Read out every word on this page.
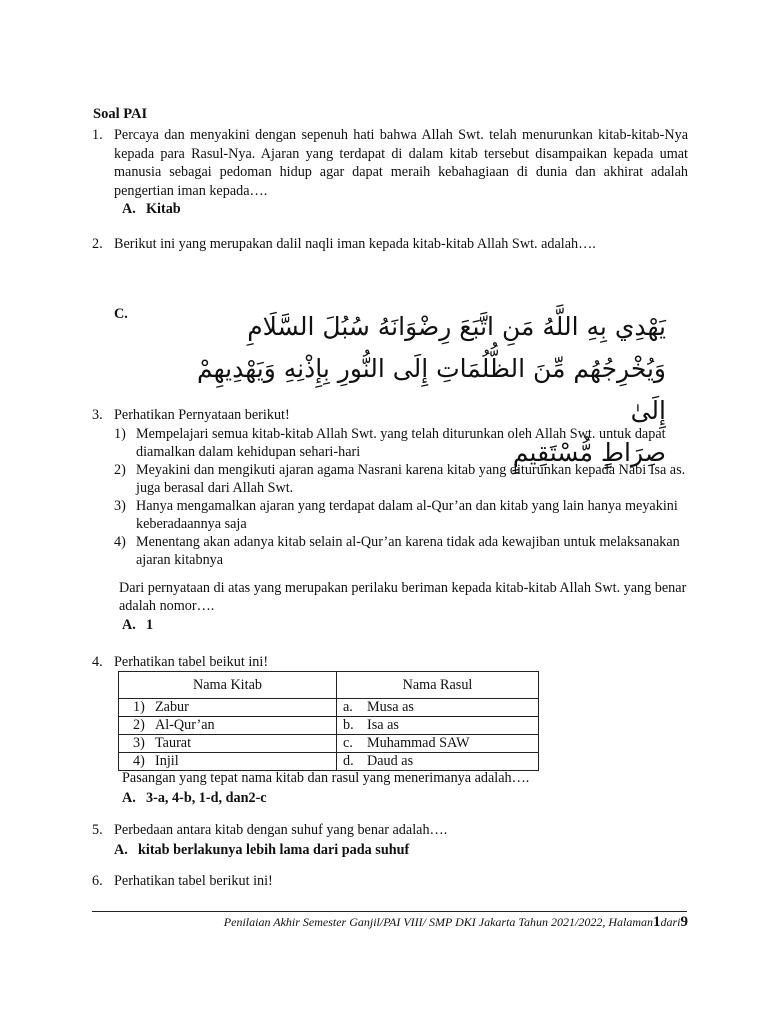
Soal PAI
1. Percaya dan menyakini dengan sepenuh hati bahwa Allah Swt. telah menurunkan kitab-kitab-Nya kepada para Rasul-Nya. Ajaran yang terdapat di dalam kitab tersebut disampaikan kepada umat manusia sebagai pedoman hidup agar dapat meraih kebahagiaan di dunia dan akhirat adalah pengertian iman kepada….
A. Kitab
2. Berikut ini yang merupakan dalil naqli iman kepada kitab-kitab Allah Swt. adalah….
C.	يَهْدِي بِهِ اللَّهُ مَنِ اتَّبَعَ رِضْوَانَهُ سُبُلَ السَّلَامِ وَيُخْرِجُهُم مِّنَ الظُّلُمَاتِ إِلَى النُّورِ بِإِذْنِهِ وَيَهْدِيهِمْ إِلَىٰ
صِرَاطٍ مُّسْتَقِيمٍ
3. Perhatikan Pernyataan berikut!
1) Mempelajari semua kitab-kitab Allah Swt. yang telah diturunkan oleh Allah Swt. untuk dapat diamalkan dalam kehidupan sehari-hari
2) Meyakini dan mengikuti ajaran agama Nasrani karena kitab yang diturunkan kepada Nabi Isa as. juga berasal dari Allah Swt.
3) Hanya mengamalkan ajaran yang terdapat dalam al-Qur’an dan kitab yang lain hanya meyakini keberadaannya saja
4) Menentang akan adanya kitab selain al-Qur’an karena tidak ada kewajiban untuk melaksanakan ajaran kitabnya
Dari pernyataan di atas yang merupakan perilaku beriman kepada kitab-kitab Allah Swt. yang benar adalah nomor….
A. 1
4. Perhatikan tabel beikut ini!
Nama Kitab	Nama Rasul
1) Zabur	a. Musa as
2) Al-Qur’an	b. Isa as
3) Taurat	c. Muhammad SAW
4) Injil	d. Daud as
Pasangan yang tepat nama kitab dan rasul yang menerimanya adalah….
A. 3-a, 4-b, 1-d, dan2-c
5. Perbedaan antara kitab dengan suhuf yang benar adalah….
A. kitab berlakunya lebih lama dari pada suhuf
6. Perhatikan tabel berikut ini!
Penilaian Akhir Semester Ganjil/PAI VIII/ SMP DKI Jakarta Tahun 2021/2022, Halaman1dari9
